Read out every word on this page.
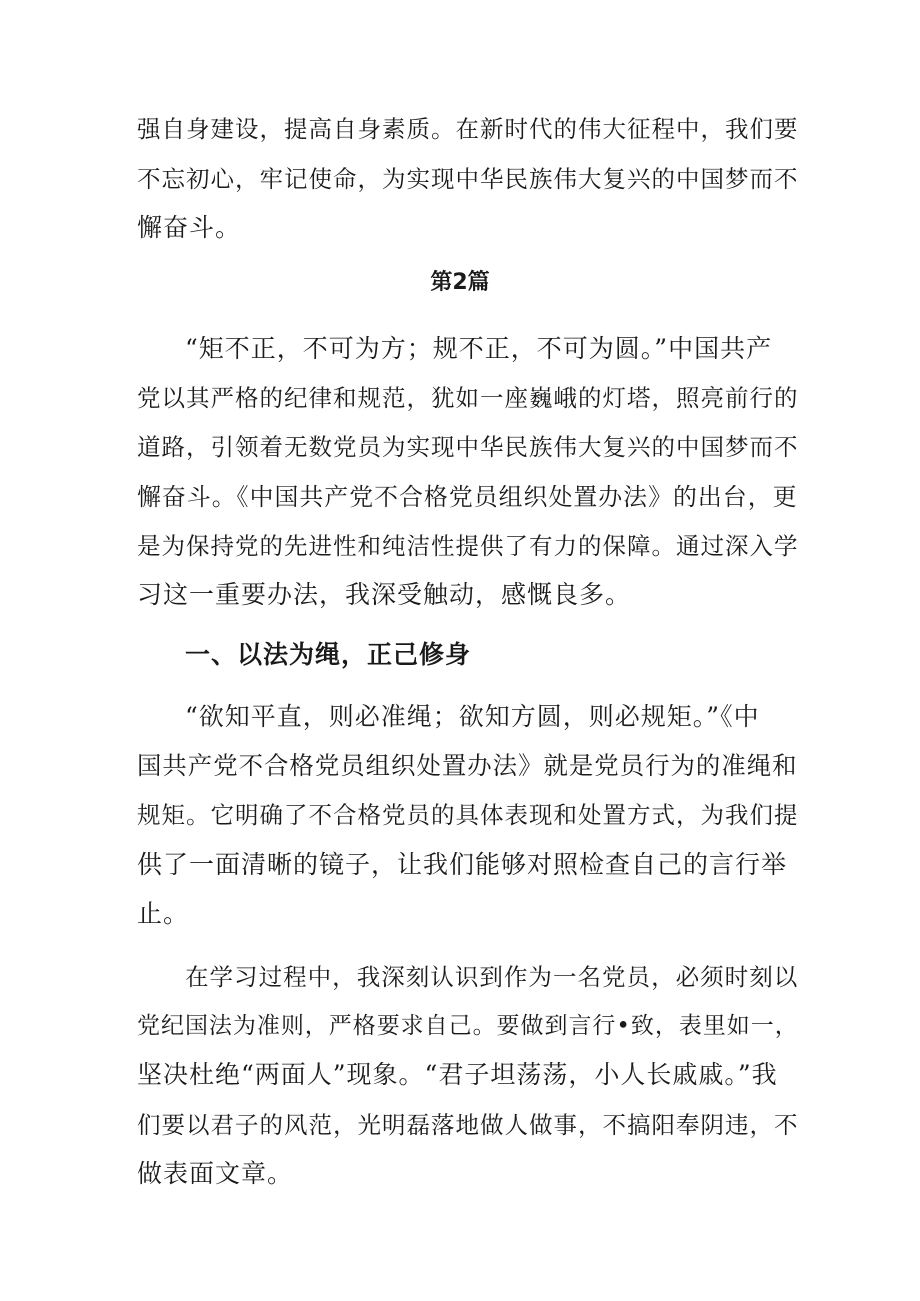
强自身建设，提高自身素质。在新时代的伟大征程中，我们要
不忘初心，牢记使命，为实现中华民族伟大复兴的中国梦而不
懈奋斗。
第2篇
“矩不正，不可为方；规不正，不可为圆。”中国共产
党以其严格的纪律和规范，犹如一座巍峨的灯塔，照亮前行的
道路，引领着无数党员为实现中华民族伟大复兴的中国梦而不
懈奋斗。《中国共产党不合格党员组织处置办法》的出台，更
是为保持党的先进性和纯洁性提供了有力的保障。通过深入学
习这一重要办法，我深受触动，感慨良多。
一、以法为绳，正己修身
“欲知平直，则必准绳；欲知方圆，则必规矩。”《中
国共产党不合格党员组织处置办法》就是党员行为的准绳和
规矩。它明确了不合格党员的具体表现和处置方式，为我们提
供了一面清晰的镜子，让我们能够对照检查自己的言行举
止。
在学习过程中，我深刻认识到作为一名党员，必须时刻以
党纪国法为准则，严格要求自己。要做到言行•致，表里如一，
坚决杜绝“两面人”现象。“君子坦荡荡，小人长戚戚。”我
们要以君子的风范，光明磊落地做人做事，不搞阳奉阴违，不
做表面文章。
